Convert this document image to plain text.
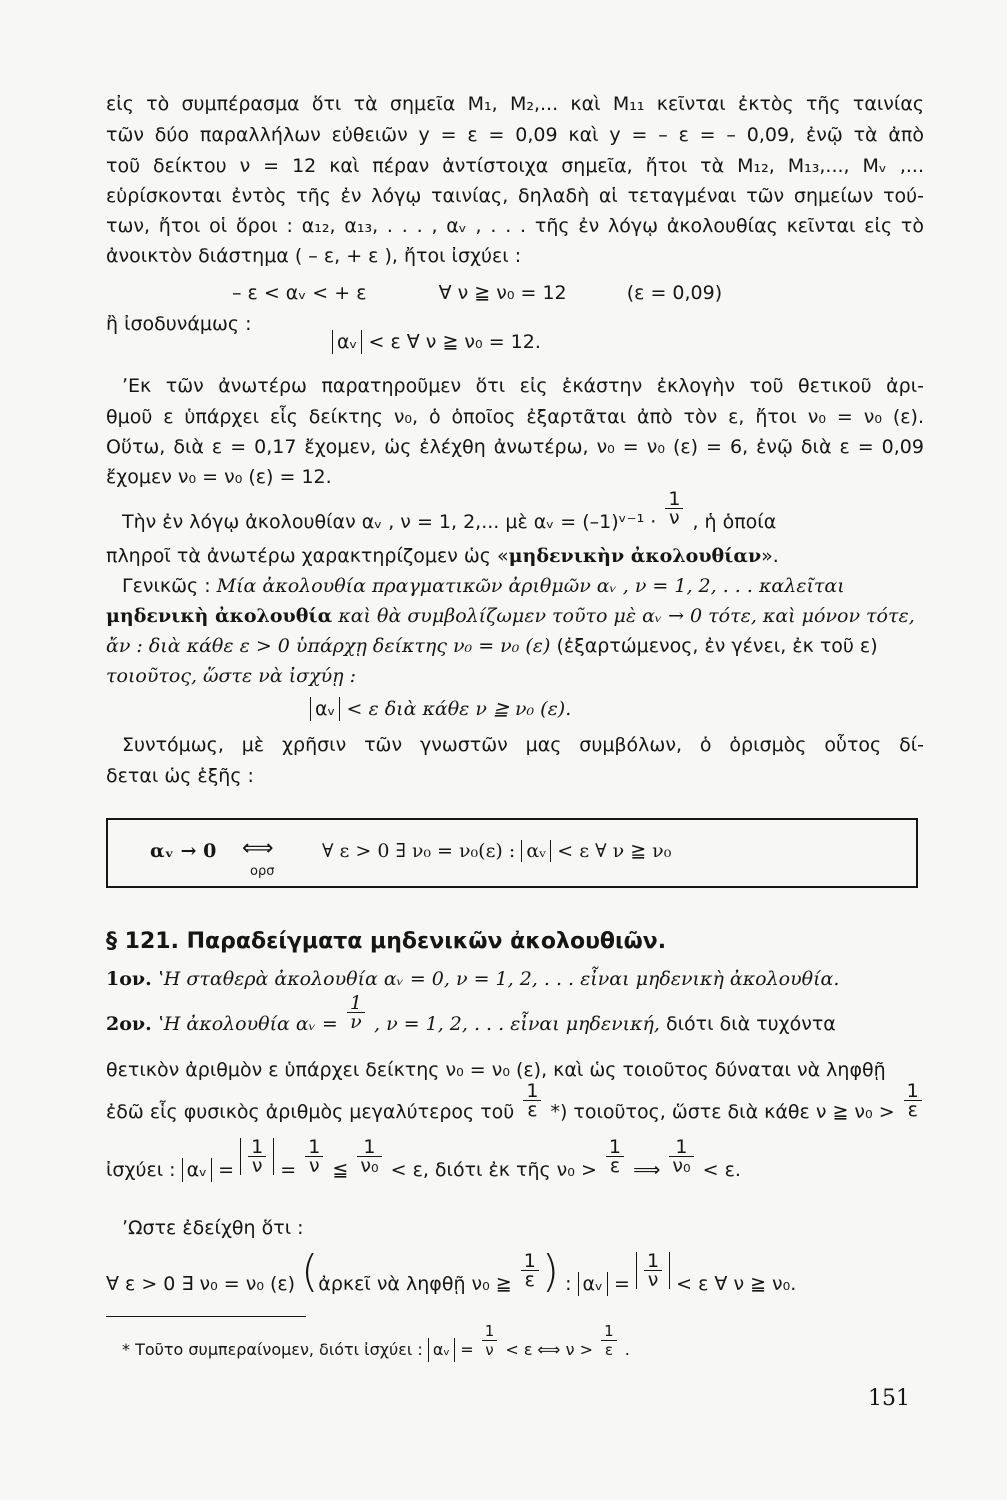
εἰς τὸ συμπέρασμα ὅτι τὰ σημεῖα M₁, M₂,... καὶ M₁₁ κεῖνται ἐκτὸς τῆς ταινίας
τῶν δύο παραλλήλων εὐθειῶν y = ε = 0,09 καὶ y = – ε = – 0,09, ἐνῷ τὰ ἀπὸ
τοῦ δείκτου ν = 12 καὶ πέραν ἀντίστοιχα σημεῖα, ἤτοι τὰ M₁₂, M₁₃,..., Mᵥ ,...
εὑρίσκονται ἐντὸς τῆς ἐν λόγῳ ταινίας, δηλαδὴ αἱ τεταγμέναι τῶν σημείων τού-
των, ἤτοι οἱ ὅροι : α₁₂, α₁₃, . . . , αᵥ , . . . τῆς ἐν λόγῳ ἀκολουθίας κεῖνται εἰς τὸ
ἀνοικτὸν διάστημα ( – ε, + ε ), ἤτοι ἰσχύει :
– ε < αᵥ < + ε	∀ ν ≧ ν₀ = 12	(ε = 0,09)
ἢ ἰσοδυνάμως :
αᵥ < ε ∀ ν ≧ ν₀ = 12.
ʼΕκ τῶν ἀνωτέρω παρατηροῦμεν ὅτι εἰς ἑκάστην ἐκλογὴν τοῦ θετικοῦ ἀρι-
θμοῦ ε ὑπάρχει εἷς δείκτης ν₀, ὁ ὁποῖος ἐξαρτᾶται ἀπὸ τὸν ε, ἤτοι ν₀ = ν₀ (ε).
Οὕτω, διὰ ε = 0,17 ἔχομεν, ὡς ἐλέχθη ἀνωτέρω, ν₀ = ν₀ (ε) = 6, ἐνῷ διὰ ε = 0,09
ἔχομεν ν₀ = ν₀ (ε) = 12.
Τὴν ἐν λόγῳ ἀκολουθίαν αᵥ , ν = 1, 2,... μὲ αᵥ = (–1)ᵛ⁻¹ · $\frac{1}{\nu}$ , ἡ ὁποία
πληροῖ τὰ ἀνωτέρω χαρακτηρίζομεν ὡς «μηδενικὴν ἀκολουθίαν».
Γενικῶς : Μία ἀκολουθία πραγματικῶν ἀριθμῶν αᵥ , ν = 1, 2, . . . καλεῖται
μηδενικὴ ἀκολουθία καὶ θὰ συμβολίζωμεν τοῦτο μὲ αᵥ → 0 τότε, καὶ μόνον τότε,
ἄν : διὰ κάθε ε > 0 ὑπάρχῃ δείκτης ν₀ = ν₀ (ε) (ἐξαρτώμενος, ἐν γένει, ἐκ τοῦ ε)
τοιοῦτος, ὥστε νὰ ἰσχύῃ :
αᵥ < ε διὰ κάθε ν ≧ ν₀ (ε).
Συντόμως, μὲ χρῆσιν τῶν γνωστῶν μας συμβόλων, ὁ ὁρισμὸς οὗτος δί-
δεται ὡς ἑξῆς :
αᵥ → 0 ⟺
ορσ
∀ ε > 0 ∃ ν₀ = ν₀(ε) : αᵥ < ε ∀ ν ≧ ν₀
§ 121. Παραδείγματα μηδενικῶν ἀκολουθιῶν.
1ον. ʽΗ σταθερὰ ἀκολουθία αᵥ = 0, ν = 1, 2, . . . εἶναι μηδενικὴ ἀκολουθία.
2ον. ʽΗ ἀκολουθία αᵥ = $\frac{1}{\nu}$ , ν = 1, 2, . . . εἶναι μηδενική, διότι διὰ τυχόντα
θετικὸν ἀριθμὸν ε ὑπάρχει δείκτης ν₀ = ν₀ (ε), καὶ ὡς τοιοῦτος δύναται νὰ ληφθῇ
ἐδῶ εἷς φυσικὸς ἀριθμὸς μεγαλύτερος τοῦ $\frac{1}{\varepsilon}$ *) τοιοῦτος, ὥστε διὰ κάθε ν ≧ $\nu_0 > \frac{1}{\varepsilon}$
ἰσχύει : αᵥ = $\frac{1}{\nu} = \frac{1}{\nu}$ ≦ $\frac{1}{\text{ν₀}} < \varepsilon$, διότι ἐκ τῆς $\nu_0 > \frac{1}{\varepsilon}$ ⟹ $\frac{1}{\text{ν₀}} < \varepsilon$.
ʼΩστε ἐδείχθη ὅτι :
∀ ε > 0 ∃ ν₀ = ν₀ (ε) (ἀρκεῖ νὰ ληφθῇ ν₀ ≧ $\frac{1}{\varepsilon}$ ) : αᵥ = $\frac{1}{\nu} < \varepsilon$ ∀ ν ≧ ν₀.
* Τοῦτο συμπεραίνομεν, διότι ἰσχύει : αᵥ = $\frac{1}{\nu} < \varepsilon$ ⟺ $\nu > \frac{1}{\varepsilon}$ .
151
